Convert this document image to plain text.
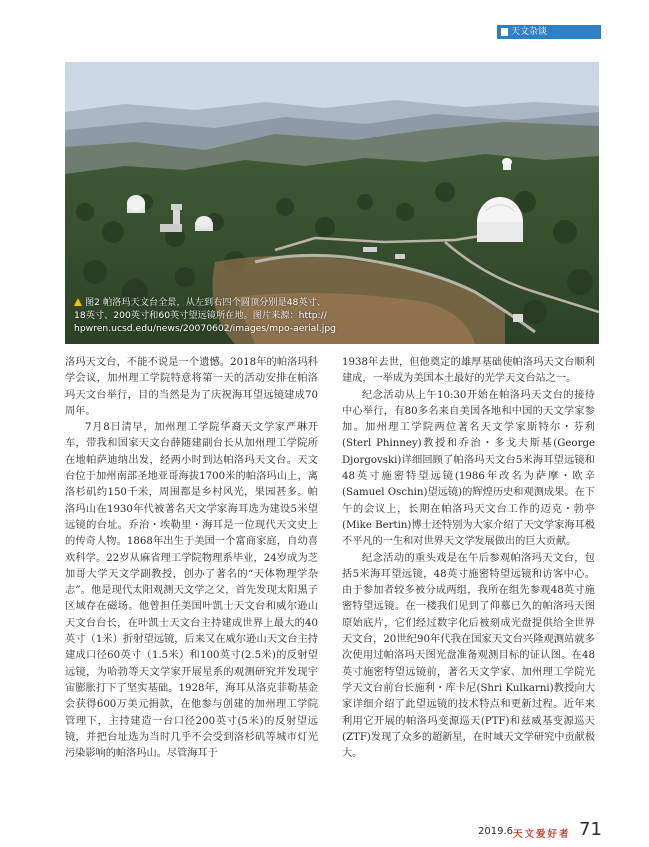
天文杂谈
图2 帕洛玛天文台全景，从左到右四个圆顶分别是48英寸、
18英寸、200英寸和60英寸望远镜所在地。图片来源：http://
hpwren.ucsd.edu/news/20070602/images/mpo-aerial.jpg

洛玛天文台，不能不说是一个遗憾。2018年的帕洛玛科学会议，加州理工学院特意将第一天的活动安排在帕洛玛天文台举行，目的当然是为了庆祝海耳望远镜建成70周年。

7月8日清早，加州理工学院华裔天文学家严琳开车，带我和国家天文台薛随建副台长从加州理工学院所在地帕萨迪纳出发，经两小时到达帕洛玛天文台。天文台位于加州南部圣地亚哥海拔1700米的帕洛玛山上，离洛杉矶约150千米，周围都是乡村风光，果园甚多。帕洛玛山在1930年代被著名天文学家海耳选为建设5米望远镜的台址。乔治・埃勒里・海耳是一位现代天文史上的传奇人物。1868年出生于美国一个富商家庭，自幼喜欢科学。22岁从麻省理工学院物理系毕业，24岁成为芝加哥大学天文学副教授，创办了著名的“天体物理学杂志”。他是现代太阳观测天文学之父，首先发现太阳黑子区域存在磁场。他曾担任美国叶凯士天文台和威尔逊山天文台台长，在叶凯士天文台主持建成世界上最大的40英寸（1米）折射望远镜，后来又在威尔逊山天文台主持建成口径60英寸（1.5米）和100英寸(2.5米)的反射望远镜，为哈勃等天文学家开展星系的观测研究并发现宇宙膨胀打下了坚实基础。1928年，海耳从洛克菲勒基金会获得600万美元捐款，在他参与创建的加州理工学院管理下，主持建造一台口径200英寸(5米)的反射望远镜，并把台址选为当时几乎不会受到洛杉矶等城市灯光污染影响的帕洛玛山。尽管海耳于

1938年去世，但他奠定的雄厚基础使帕洛玛天文台顺利建成，一举成为美国本土最好的光学天文台站之一。

纪念活动从上午10:30开始在帕洛玛天文台的接待中心举行，有80多名来自美国各地和中国的天文学家参加。加州理工学院两位著名天文学家斯特尔・芬利(Sterl Phinney)教授和乔治・多戈夫斯基(George Djorgovski)详细回顾了帕洛玛天文台5米海耳望远镜和48英寸施密特望远镜(1986年改名为萨摩・欧辛(Samuel Oschin)望远镜)的辉煌历史和观测成果。在下午的会议上，长期在帕洛玛天文台工作的迈克・勃亭(Mike Bertin)博士还特别为大家介绍了天文学家海耳极不平凡的一生和对世界天文学发展做出的巨大贡献。

纪念活动的重头戏是在午后参观帕洛玛天文台，包括5米海耳望远镜，48英寸施密特望远镜和访客中心。由于参加者较多被分成两组，我所在组先参观48英寸施密特望远镜。在一楼我们见到了仰慕已久的帕洛玛天图原始底片，它们经过数字化后被刻成光盘提供给全世界天文台，20世纪90年代我在国家天文台兴隆观测站就多次使用过帕洛玛天图光盘准备观测目标的证认图。在48英寸施密特望远镜前，著名天文学家、加州理工学院光学天文台前台长施利・库卡尼(Shri Kulkarni)教授向大家详细介绍了此望远镜的技术特点和更新过程。近年来利用它开展的帕洛玛变源巡天(PTF)和兹威基变源巡天(ZTF)发现了众多的超新星，在时域天文学研究中贡献极大。

2019.6 天文爱好者 71
